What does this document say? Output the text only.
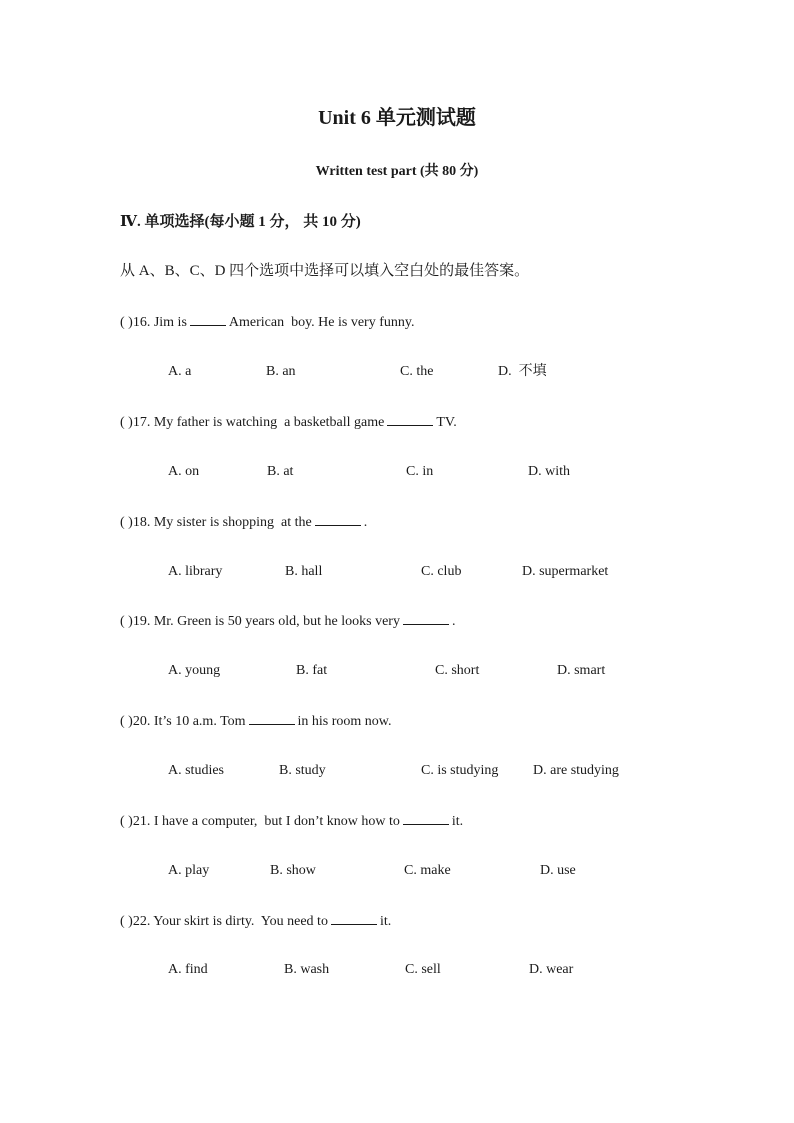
Unit 6 单元测试题
Written test part (共 80 分)
Ⅳ. 单项选择(每小题 1 分， 共 10 分)
从 A、B、C、D 四个选项中选择可以填入空白处的最佳答案。
( )16. Jim is	American  boy. He is very funny.
A. a	B. an	C. the	D.  不填
( )17. My father is watching  a basketball game	TV.
A. on	B. at	C. in	D. with
( )18. My sister is shopping  at the	.
A. library	B. hall	C. club	D. supermarket
( )19. Mr. Green is 50 years old, but he looks very	.
A. young	B. fat	C. short	D. smart
( )20. It’s 10 a.m. Tom	in his room now.
A. studies	B. study	C. is studying D. are studying
( )21. I have a computer,  but I don’t know how to	it.
A. play	B. show	C. make	D. use
( )22. Your skirt is dirty.  You need to	it.
A. find	B. wash	C. sell	D. wear
